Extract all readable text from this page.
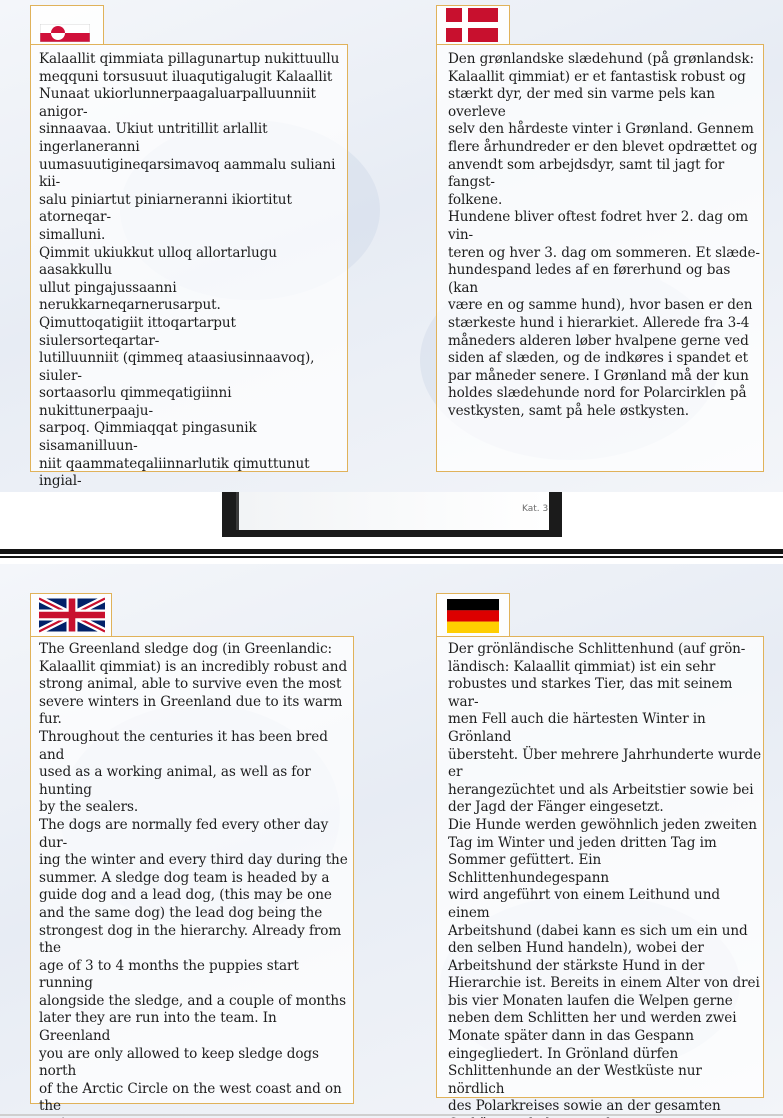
Kalaallit qimmiata pillagunartup nukittuullu
meqquni torsusuut iluaqutigalugit Kalaallit
Nunaat ukiorlunnerpaagaluarpalluunniit anigor-
sinnaavaa. Ukiut untritillit arlallit ingerlaneranni
uumasuutigineqarsimavoq aammalu suliani kii-
salu piniartut piniarneranni ikiortitut atorneqar-
simalluni.
Qimmit ukiukkut ulloq allortarlugu aasakkullu
ullut pingajussaanni nerukkarneqarnerusarput.
Qimuttoqatigiit ittoqartarput siulersorteqartar-
lutilluunniit (qimmeq ataasiusinnaavoq), siuler-
sortaasorlu qimmeqatigiinni nukittunerpaaju-
sarpoq. Qimmiaqqat pingasunik sisamanilluun-
niit qaammateqaliinnarlutik qimuttunut ingial-

Den grønlandske slædehund (på grønlandsk:
Kalaallit qimmiat) er et fantastisk robust og
stærkt dyr, der med sin varme pels kan overleve
selv den hårdeste vinter i Grønland. Gennem
flere århundreder er den blevet opdrættet og
anvendt som arbejdsdyr, samt til jagt for fangst-
folkene.
Hundene bliver oftest fodret hver 2. dag om vin-
teren og hver 3. dag om sommeren. Et slæde-
hundespand ledes af en førerhund og bas (kan
være en og samme hund), hvor basen er den
stærkeste hund i hierarkiet. Allerede fra 3-4
måneders alderen løber hvalpene gerne ved
siden af slæden, og de indkøres i spandet et
par måneder senere. I Grønland må der kun
holdes slædehunde nord for Polarcirklen på
vestkysten, samt på hele østkysten.

Kat. 3

The Greenland sledge dog (in Greenlandic:
Kalaallit qimmiat) is an incredibly robust and
strong animal, able to survive even the most
severe winters in Greenland due to its warm fur.
Throughout the centuries it has been bred and
used as a working animal, as well as for hunting
by the sealers.
The dogs are normally fed every other day dur-
ing the winter and every third day during the
summer. A sledge dog team is headed by a
guide dog and a lead dog, (this may be one
and the same dog) the lead dog being the
strongest dog in the hierarchy. Already from the
age of 3 to 4 months the puppies start running
alongside the sledge, and a couple of months
later they are run into the team. In Greenland
you are only allowed to keep sledge dogs north
of the Arctic Circle on the west coast and on the

Der grönländische Schlittenhund (auf grön-
ländisch: Kalaallit qimmiat) ist ein sehr
robustes und starkes Tier, das mit seinem war-
men Fell auch die härtesten Winter in Grönland
übersteht. Über mehrere Jahrhunderte wurde er
herangezüchtet und als Arbeitstier sowie bei
der Jagd der Fänger eingesetzt.
Die Hunde werden gewöhnlich jeden zweiten
Tag im Winter und jeden dritten Tag im
Sommer gefüttert. Ein Schlittenhundegespann
wird angeführt von einem Leithund und einem
Arbeitshund (dabei kann es sich um ein und
den selben Hund handeln), wobei der
Arbeitshund der stärkste Hund in der
Hierarchie ist. Bereits in einem Alter von drei
bis vier Monaten laufen die Welpen gerne
neben dem Schlitten her und werden zwei
Monate später dann in das Gespann
eingegliedert. In Grönland dürfen
Schlittenhunde an der Westküste nur nördlich
des Polarkreises sowie an der gesamten
